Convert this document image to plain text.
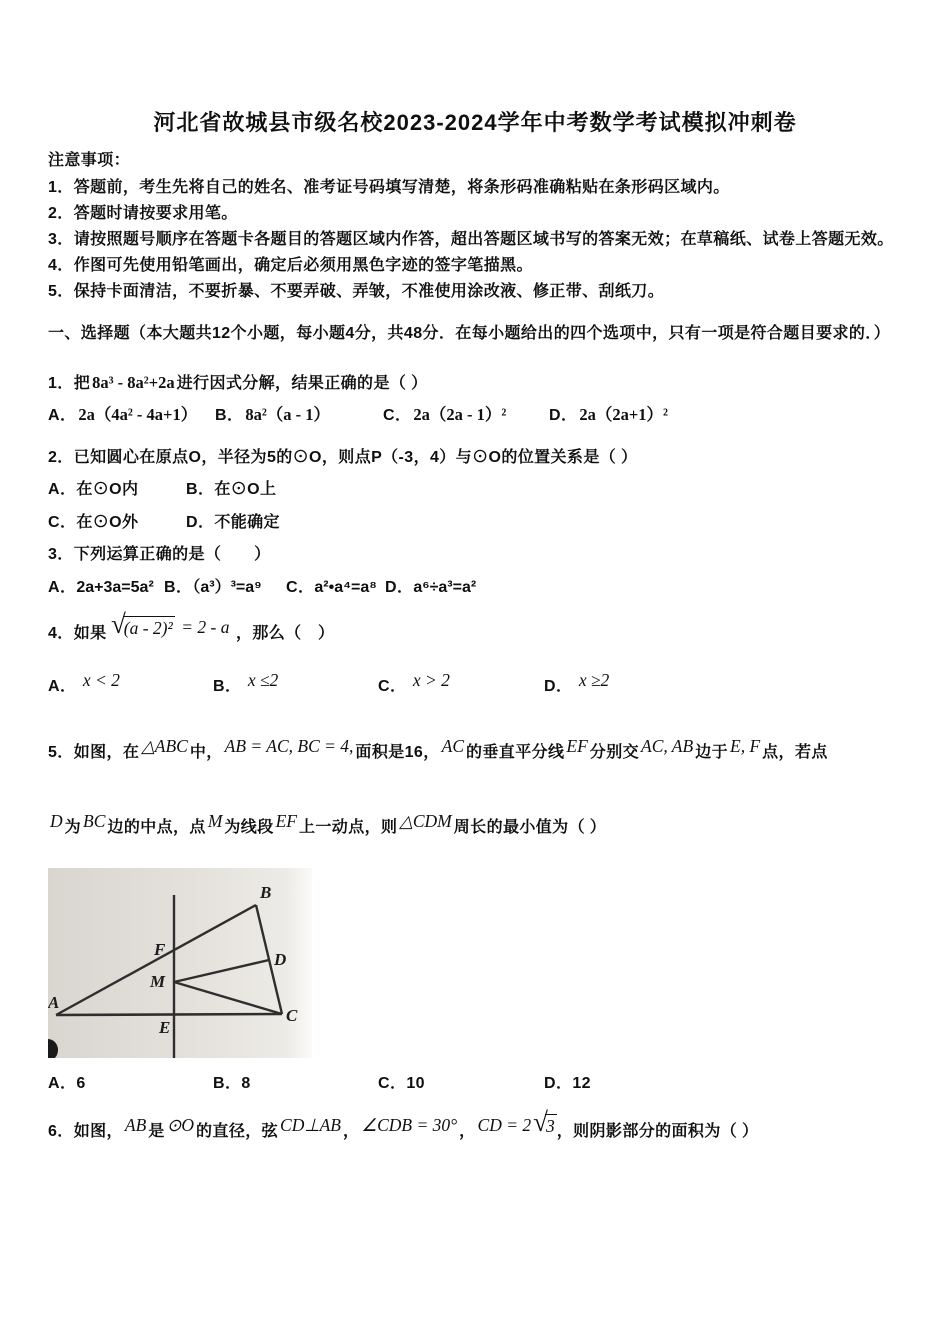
河北省故城县市级名校2023-2024学年中考数学考试模拟冲刺卷
注意事项：
1．答题前，考生先将自己的姓名、准考证号码填写清楚，将条形码准确粘贴在条形码区域内。
2．答题时请按要求用笔。
3．请按照题号顺序在答题卡各题目的答题区域内作答，超出答题区域书写的答案无效；在草稿纸、试卷上答题无效。
4．作图可先使用铅笔画出，确定后必须用黑色字迹的签字笔描黑。
5．保持卡面清洁，不要折暴、不要弄破、弄皱，不准使用涂改液、修正带、刮纸刀。
一、选择题（本大题共12个小题，每小题4分，共48分．在每小题给出的四个选项中，只有一项是符合题目要求的．）
1．把 8a³ - 8a²+2a 进行因式分解，结果正确的是（ ）
A． 2a（4a² - 4a+1） B． 8a²（a - 1）	C． 2a（2a - 1）²	D． 2a（2a+1）²
2．已知圆心在原点O，半径为5的⊙O，则点P（-3，4）与⊙O的位置关系是（ ）
A．在⊙O内	B．在⊙O上
C．在⊙O外	D．不能确定
3．下列运算正确的是（　　）
A．2a+3a=5a² B．（a³）³=a⁹ C．a²•a⁴=a⁸ D．a⁶÷a³=a²
4．如果 √(a - 2)² = 2 - a ，那么（　）
A． x < 2	B． x ≤2	C． x > 2	D． x ≥2
5．如图，在 △ABC 中， AB = AC, BC = 4, 面积是16， AC 的垂直平分线 EF 分别交 AC, AB 边于 E, F 点，若点
D 为 BC 边的中点，点 M 为线段 EF 上一动点，则 △CDM 周长的最小值为（ ）
A
B
C
D
E
F
M
A．6	B．8	C．10	D．12
6．如图， AB 是 ⊙O 的直径，弦 CD⊥AB ， ∠CDB = 30° ， CD = 2√3 ，则阴影部分的面积为（ ）
